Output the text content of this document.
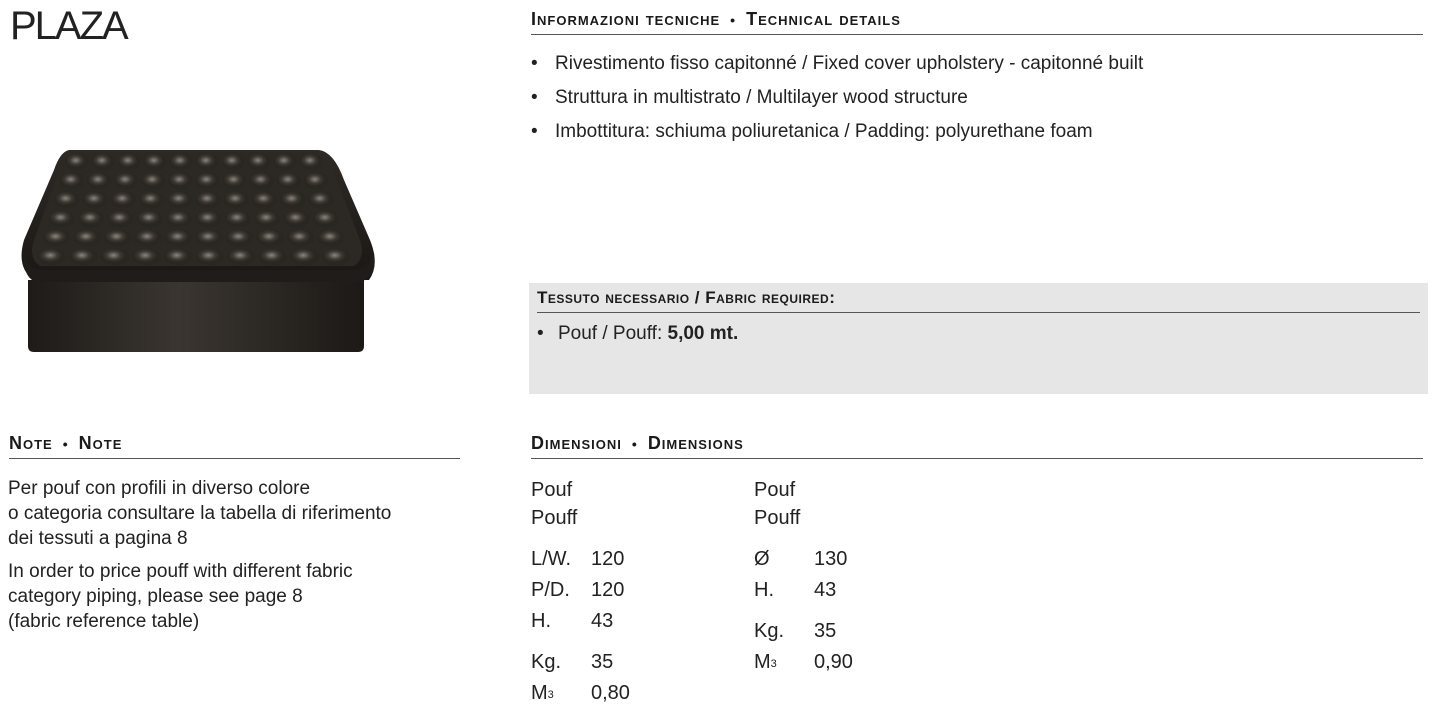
PLAZA	Informazioni tecniche • Technical details
• Rivestimento fisso capitonné / Fixed cover upholstery - capitonné built
• Struttura in multistrato / Multilayer wood structure
• Imbottitura: schiuma poliuretanica / Padding: polyurethane foam
Tessuto necessario / Fabric required:
• Pouf / Pouff: 5,00 mt.
Note • Note

Per pouf con profili in diverso colore
o categoria consultare la tabella di riferimento
dei tessuti a pagina 8

In order to price pouff with different fabric
category piping, please see page 8
(fabric reference table)

Dimensioni • Dimensions
Pouf
Pouff
L/W. 120
P/D.	120
H.	43
Kg.	35
$M^3$	0,80
Pouf
Pouff
Ø	130
H.	43
Kg.	35
$M^3$	0,90
